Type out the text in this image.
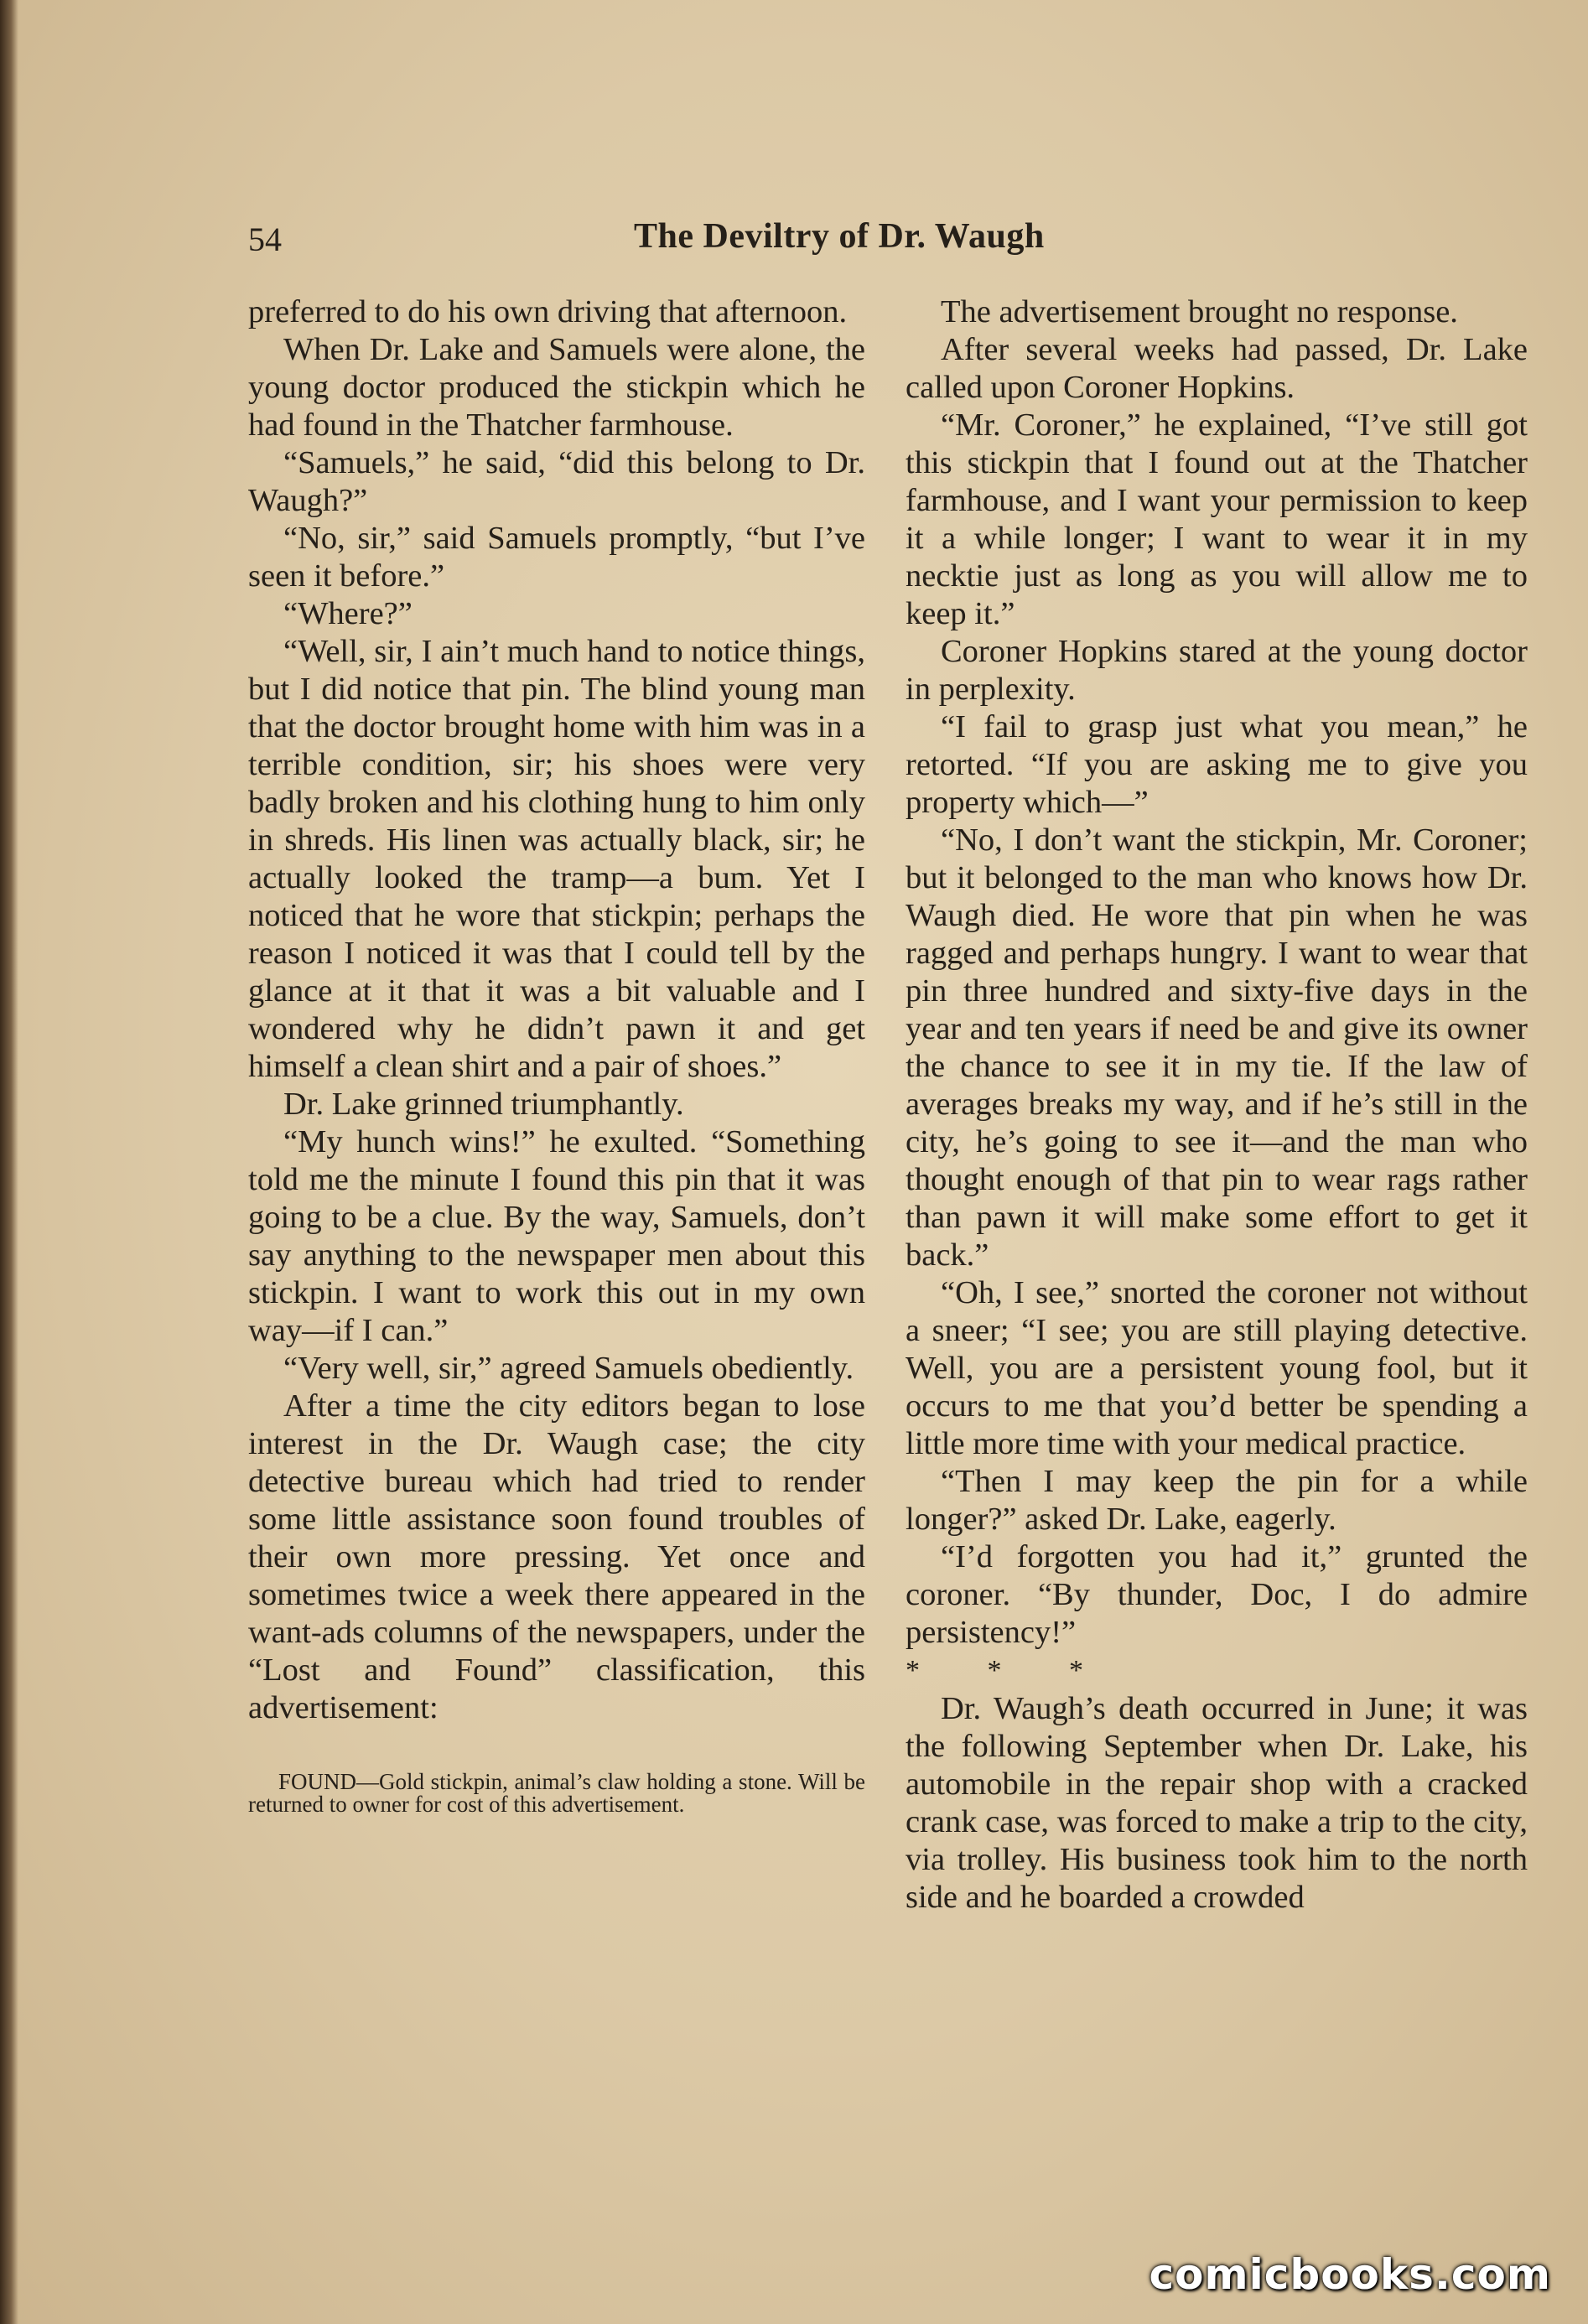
54	The Deviltry of Dr. Waugh

preferred to do his own driving that afternoon.

When Dr. Lake and Samuels were alone, the young doctor produced the stickpin which he had found in the Thatcher farmhouse.

“Samuels,” he said, “did this belong to Dr. Waugh?”

“No, sir,” said Samuels promptly, “but I’ve seen it before.”

“Where?”

“Well, sir, I ain’t much hand to notice things, but I did notice that pin. The blind young man that the doctor brought home with him was in a terrible condition, sir; his shoes were very badly broken and his clothing hung to him only in shreds. His linen was actually black, sir; he actually looked the tramp—a bum. Yet I noticed that he wore that stickpin; perhaps the reason I noticed it was that I could tell by the glance at it that it was a bit valuable and I wondered why he didn’t pawn it and get himself a clean shirt and a pair of shoes.”

Dr. Lake grinned triumphantly.

“My hunch wins!” he exulted. “Something told me the minute I found this pin that it was going to be a clue. By the way, Samuels, don’t say anything to the newspaper men about this stickpin. I want to work this out in my own way—if I can.”

“Very well, sir,” agreed Samuels obediently.

After a time the city editors began to lose interest in the Dr. Waugh case; the city detective bureau which had tried to render some little assistance soon found troubles of their own more pressing. Yet once and sometimes twice a week there appeared in the want-ads columns of the newspapers, under the “Lost and Found” classification, this advertisement:

FOUND—Gold stickpin, animal’s claw holding a stone. Will be returned to owner for cost of this advertisement.

The advertisement brought no response.

After several weeks had passed, Dr. Lake called upon Coroner Hopkins.

“Mr. Coroner,” he explained, “I’ve still got this stickpin that I found out at the Thatcher farmhouse, and I want your permission to keep it a while longer; I want to wear it in my necktie just as long as you will allow me to keep it.”

Coroner Hopkins stared at the young doctor in perplexity.

“I fail to grasp just what you mean,” he retorted. “If you are asking me to give you property which—”

“No, I don’t want the stickpin, Mr. Coroner; but it belonged to the man who knows how Dr. Waugh died. He wore that pin when he was ragged and perhaps hungry. I want to wear that pin three hundred and sixty-five days in the year and ten years if need be and give its owner the chance to see it in my tie. If the law of averages breaks my way, and if he’s still in the city, he’s going to see it—and the man who thought enough of that pin to wear rags rather than pawn it will make some effort to get it back.”

“Oh, I see,” snorted the coroner not without a sneer; “I see; you are still playing detective. Well, you are a persistent young fool, but it occurs to me that you’d better be spending a little more time with your medical practice.

“Then I may keep the pin for a while longer?” asked Dr. Lake, eagerly.

“I’d forgotten you had it,” grunted the coroner. “By thunder, Doc, I do admire persistency!”

* * *

Dr. Waugh’s death occurred in June; it was the following September when Dr. Lake, his automobile in the repair shop with a cracked crank case, was forced to make a trip to the city, via trolley. His business took him to the north side and he boarded a crowded

comicbooks.com
